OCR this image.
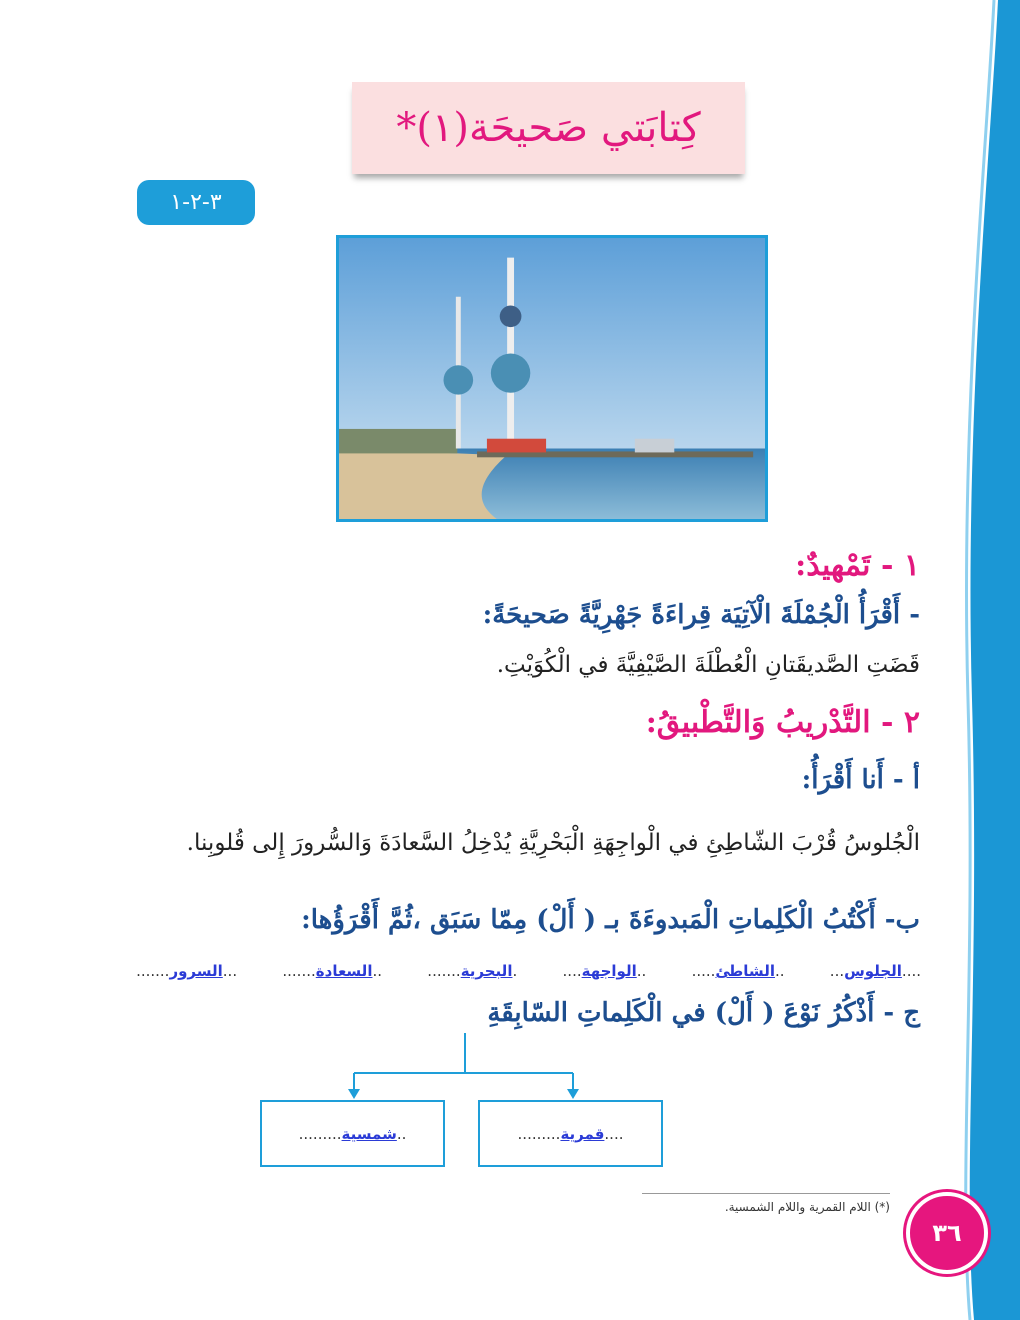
كِتابَتي صَحيحَة(١)*
٣-٢-١
١ - تَمْهيدٌ:
- أَقْرَأُ الْجُمْلَةَ الْآتِيَة قِراءَةً جَهْرِيَّةً صَحيحَةً:
قَضَتِ الصَّديقَتانِ الْعُطْلَةَ الصَّيْفِيَّةَ في الْكُوَيْتِ.
٢ - التَّدْريبُ وَالتَّطْبيقُ:
أ - أَنا أَقْرَأُ:
الْجُلوسُ قُرْبَ الشّاطِئِ في الْواجِهَةِ الْبَحْرِيَّةِ يُدْخِلُ السَّعادَةَ وَالسُّرورَ إِلى قُلوبِنا.
ب- أَكْتُبُ الْكَلِماتِ الْمَبدوءَةَ بـ ( أَلْ) مِمّا سَبَق ،ثُمَّ أَقْرَؤُها:
....الجلوس...
..الشاطئ.....
..الواجهة....
.البحرية.......
..السعادة.......
...السرور.......
ج - أَذْكُرُ نَوْعَ ( أَلْ) في الْكَلِماتِ السّابِقَةِ
....
قمرية
.........
..
شمسية
.........
(*) اللام القمرية واللام الشمسية.
٣٦
